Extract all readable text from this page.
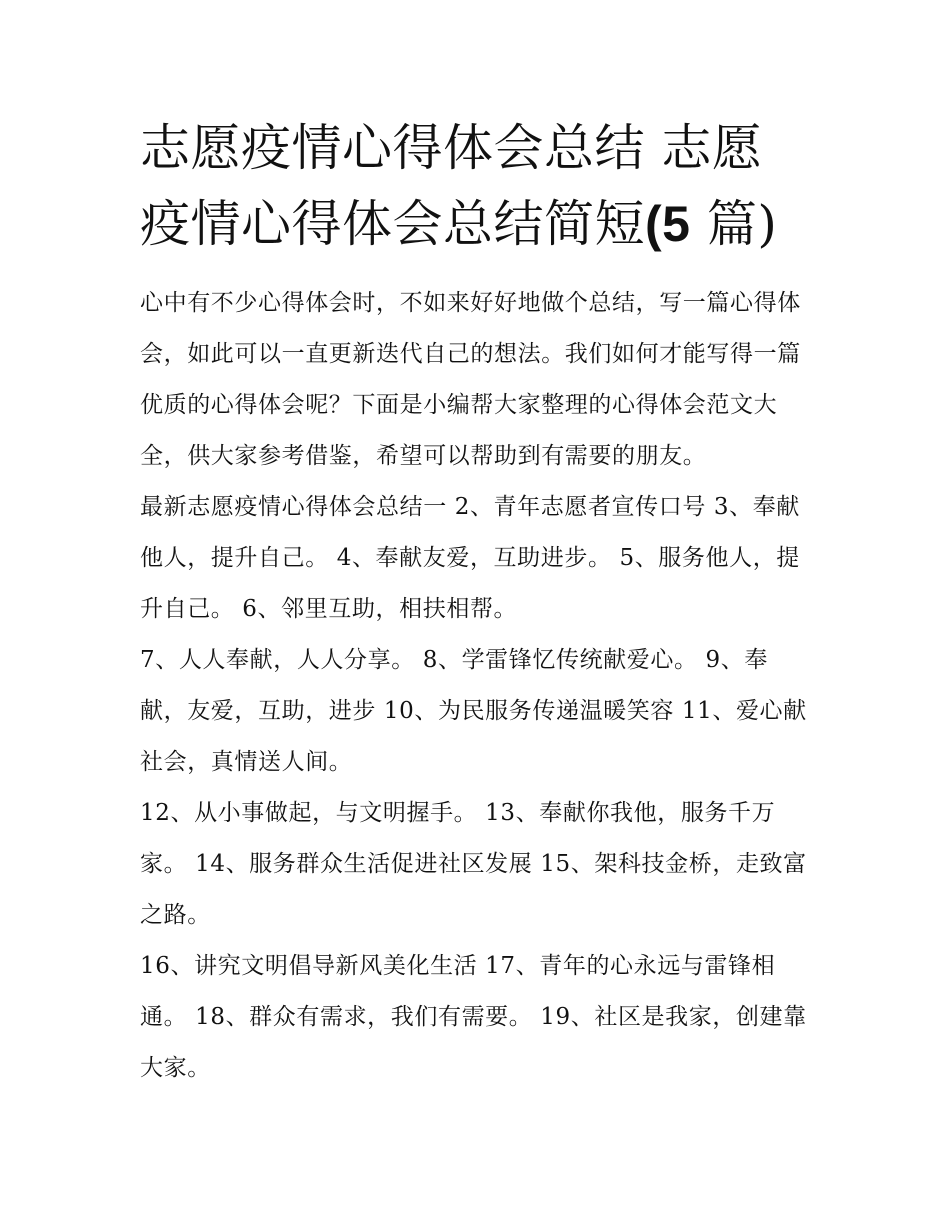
志愿疫情心得体会总结 志愿疫情心得体会总结简短(5 篇)

心中有不少心得体会时，不如来好好地做个总结，写一篇心得体会，如此可以一直更新迭代自己的想法。我们如何才能写得一篇优质的心得体会呢？下面是小编帮大家整理的心得体会范文大全，供大家参考借鉴，希望可以帮助到有需要的朋友。

最新志愿疫情心得体会总结一 2、青年志愿者宣传口号 3、奉献他人，提升自己。 4、奉献友爱，互助进步。 5、服务他人，提升自己。 6、邻里互助，相扶相帮。

7、人人奉献，人人分享。 8、学雷锋忆传统献爱心。 9、奉献，友爱，互助，进步 10、为民服务传递温暖笑容 11、爱心献社会，真情送人间。

12、从小事做起，与文明握手。 13、奉献你我他，服务千万家。 14、服务群众生活促进社区发展 15、架科技金桥，走致富之路。

16、讲究文明倡导新风美化生活 17、青年的心永远与雷锋相通。 18、群众有需求，我们有需要。 19、社区是我家，创建靠大家。
